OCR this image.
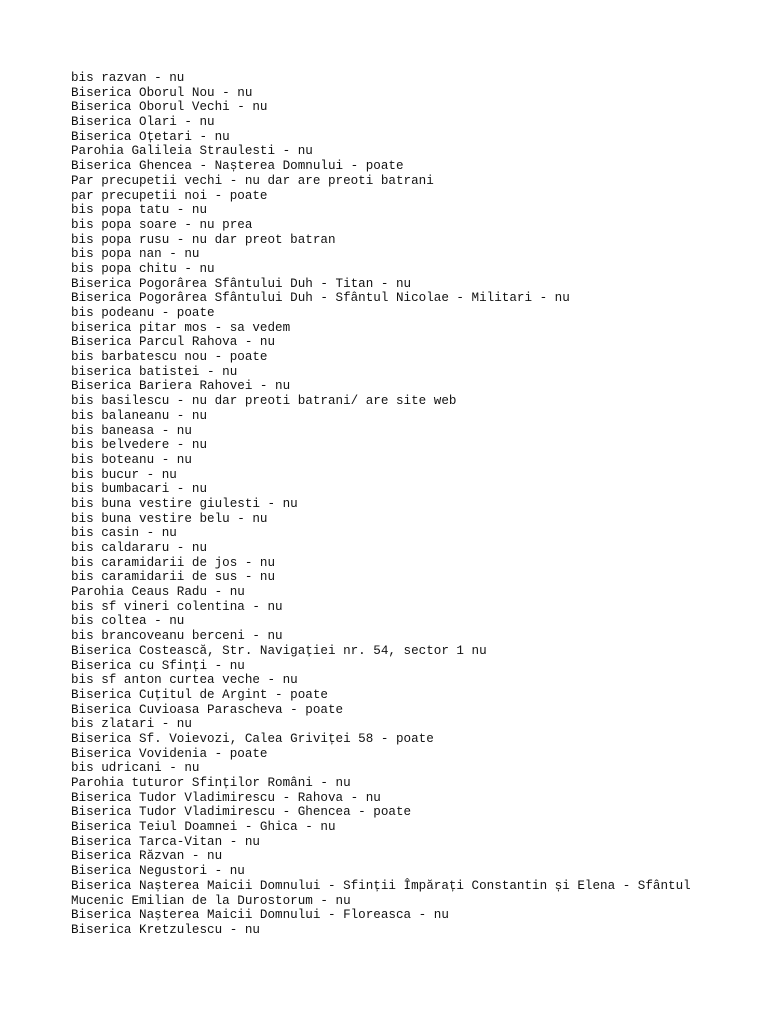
bis razvan - nu
Biserica Oborul Nou - nu
Biserica Oborul Vechi - nu
Biserica Olari - nu
Biserica Oțetari - nu
Parohia Galileia Straulesti - nu
Biserica Ghencea - Nașterea Domnului - poate
Par precupetii vechi - nu dar are preoti batrani
par precupetii noi - poate
bis popa tatu - nu
bis popa soare - nu prea
bis popa rusu - nu dar preot batran
bis popa nan - nu
bis popa chitu - nu
Biserica Pogorârea Sfântului Duh - Titan - nu
Biserica Pogorârea Sfântului Duh - Sfântul Nicolae - Militari - nu
bis podeanu - poate
biserica pitar mos - sa vedem
Biserica Parcul Rahova - nu
bis barbatescu nou - poate
biserica batistei - nu
Biserica Bariera Rahovei - nu
bis basilescu - nu dar preoti batrani/ are site web
bis balaneanu - nu
bis baneasa - nu
bis belvedere - nu
bis boteanu - nu
bis bucur - nu
bis bumbacari - nu
bis buna vestire giulesti - nu
bis buna vestire belu - nu
bis casin - nu
bis caldararu - nu
bis caramidarii de jos - nu
bis caramidarii de sus - nu
Parohia Ceaus Radu - nu
bis sf vineri colentina - nu
bis coltea - nu
bis brancoveanu berceni - nu
Biserica Costească, Str. Navigației nr. 54, sector 1 nu
Biserica cu Sfinți - nu
bis sf anton curtea veche - nu
Biserica Cuțitul de Argint - poate
Biserica Cuvioasa Parascheva - poate
bis zlatari - nu
Biserica Sf. Voievozi, Calea Griviței 58 - poate
Biserica Vovidenia - poate
bis udricani - nu
Parohia tuturor Sfinților Români - nu
Biserica Tudor Vladimirescu - Rahova - nu
Biserica Tudor Vladimirescu - Ghencea - poate
Biserica Teiul Doamnei - Ghica - nu
Biserica Tarca-Vitan - nu
Biserica Răzvan - nu
Biserica Negustori - nu
Biserica Nașterea Maicii Domnului - Sfinții Împărați Constantin și Elena - Sfântul
Mucenic Emilian de la Durostorum - nu
Biserica Nașterea Maicii Domnului - Floreasca - nu
Biserica Kretzulescu - nu
